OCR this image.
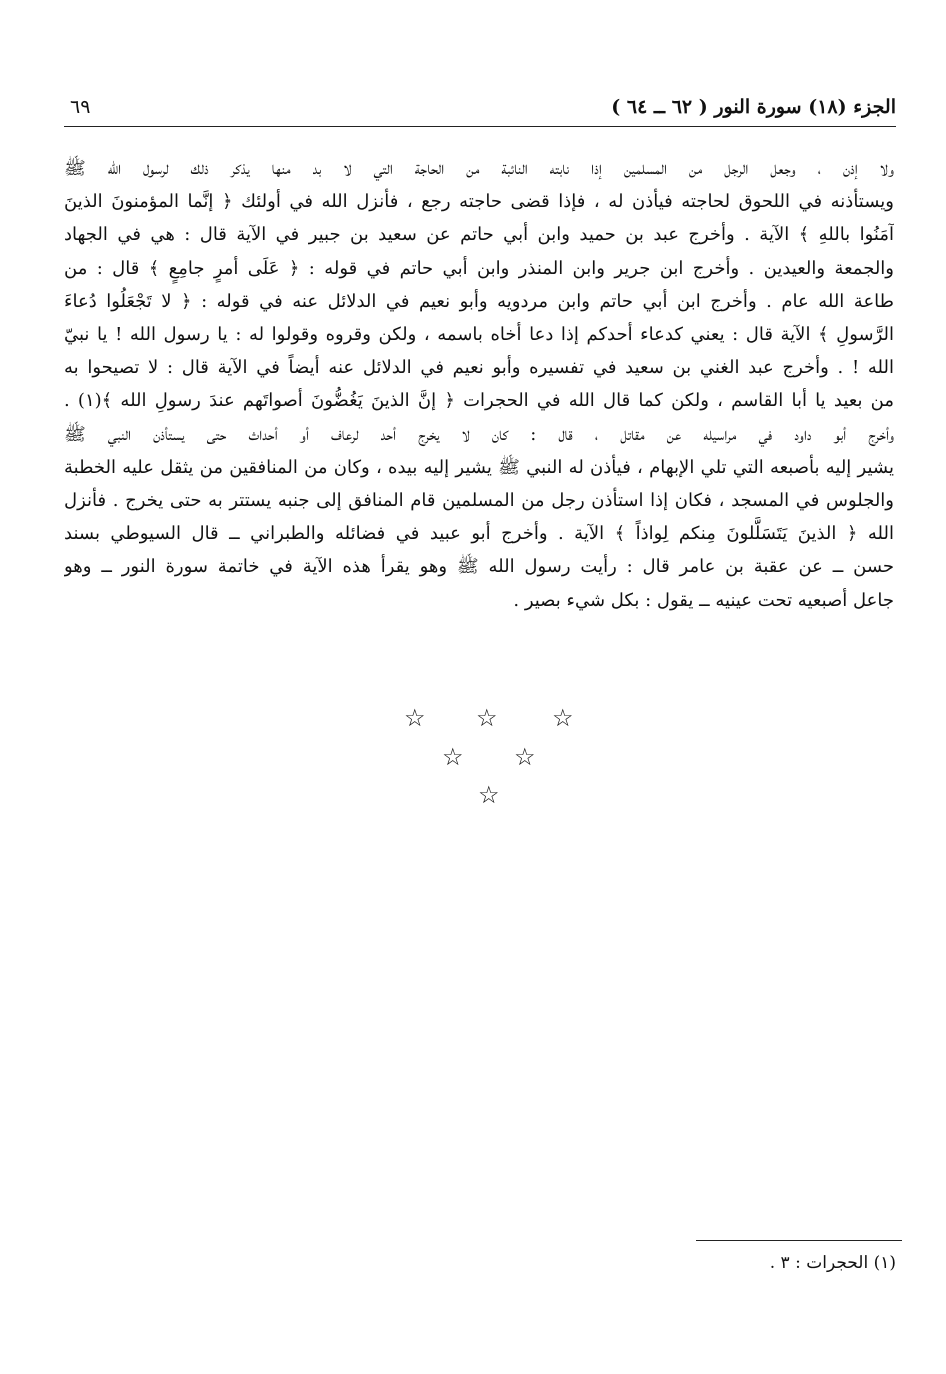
الجزء (١٨) سورة النور ( ٦٢ ــ ٦٤ )
٦٩
ولا إذن ، وجعل الرجل من المسلمين إذا نابته النائبة من الحاجة التي لا بد منها يذكر ذلك لرسول الله ﷺ
ويستأذنه في اللحوق لحاجته فيأذن له ، فإذا قضى حاجته رجع ، فأنزل الله في أولئك ﴿ إنَّما المؤمنونَ الذينَ
آمَنُوا باللهِ ﴾ الآية . وأخرج عبد بن حميد وابن أبي حاتم عن سعيد بن جبير في الآية قال : هي في الجهاد
والجمعة والعيدين . وأخرج ابن جرير وابن المنذر وابن أبي حاتم في قوله : ﴿ عَلَى أمرٍ جامِعٍ ﴾ قال : من
طاعة الله عام . وأخرج ابن أبي حاتم وابن مردويه وأبو نعيم في الدلائل عنه في قوله : ﴿ لا تَجْعَلُوا دُعاءَ
الرَّسولِ ﴾ الآية قال : يعني كدعاء أحدكم إذا دعا أخاه باسمه ، ولكن وقروه وقولوا له : يا رسول الله ! يا نبيّ
الله ! . وأخرج عبد الغني بن سعيد في تفسيره وأبو نعيم في الدلائل عنه أيضاً في الآية قال : لا تصيحوا به
من بعيد يا أبا القاسم ، ولكن كما قال الله في الحجرات ﴿ إنَّ الذينَ يَغُضُّونَ أصواتَهم عندَ رسولِ الله ﴾(١) .
وأخرج أبو داود في مراسيله عن مقاتل ، قال : كان لا يخرج أحد لرعاف أو أحداث حتى يستأذن النبي ﷺ
يشير إليه بأصبعه التي تلي الإبهام ، فيأذن له النبي ﷺ يشير إليه بيده ، وكان من المنافقين من يثقل عليه الخطبة
والجلوس في المسجد ، فكان إذا استأذن رجل من المسلمين قام المنافق إلى جنبه يستتر به حتى يخرج . فأنزل
الله ﴿ الذينَ يَتَسَلَّلونَ مِنكم لِواذاً ﴾ الآية . وأخرج أبو عبيد في فضائله والطبراني ــ قال السيوطي بسند
حسن ــ عن عقبة بن عامر قال : رأيت رسول الله ﷺ وهو يقرأ هذه الآية في خاتمة سورة النور ــ وهو
جاعل أصبعيه تحت عينيه ــ يقول : بكل شيء بصير .
☆
☆
☆
☆
☆
☆
(١) الحجرات : ٣ .
